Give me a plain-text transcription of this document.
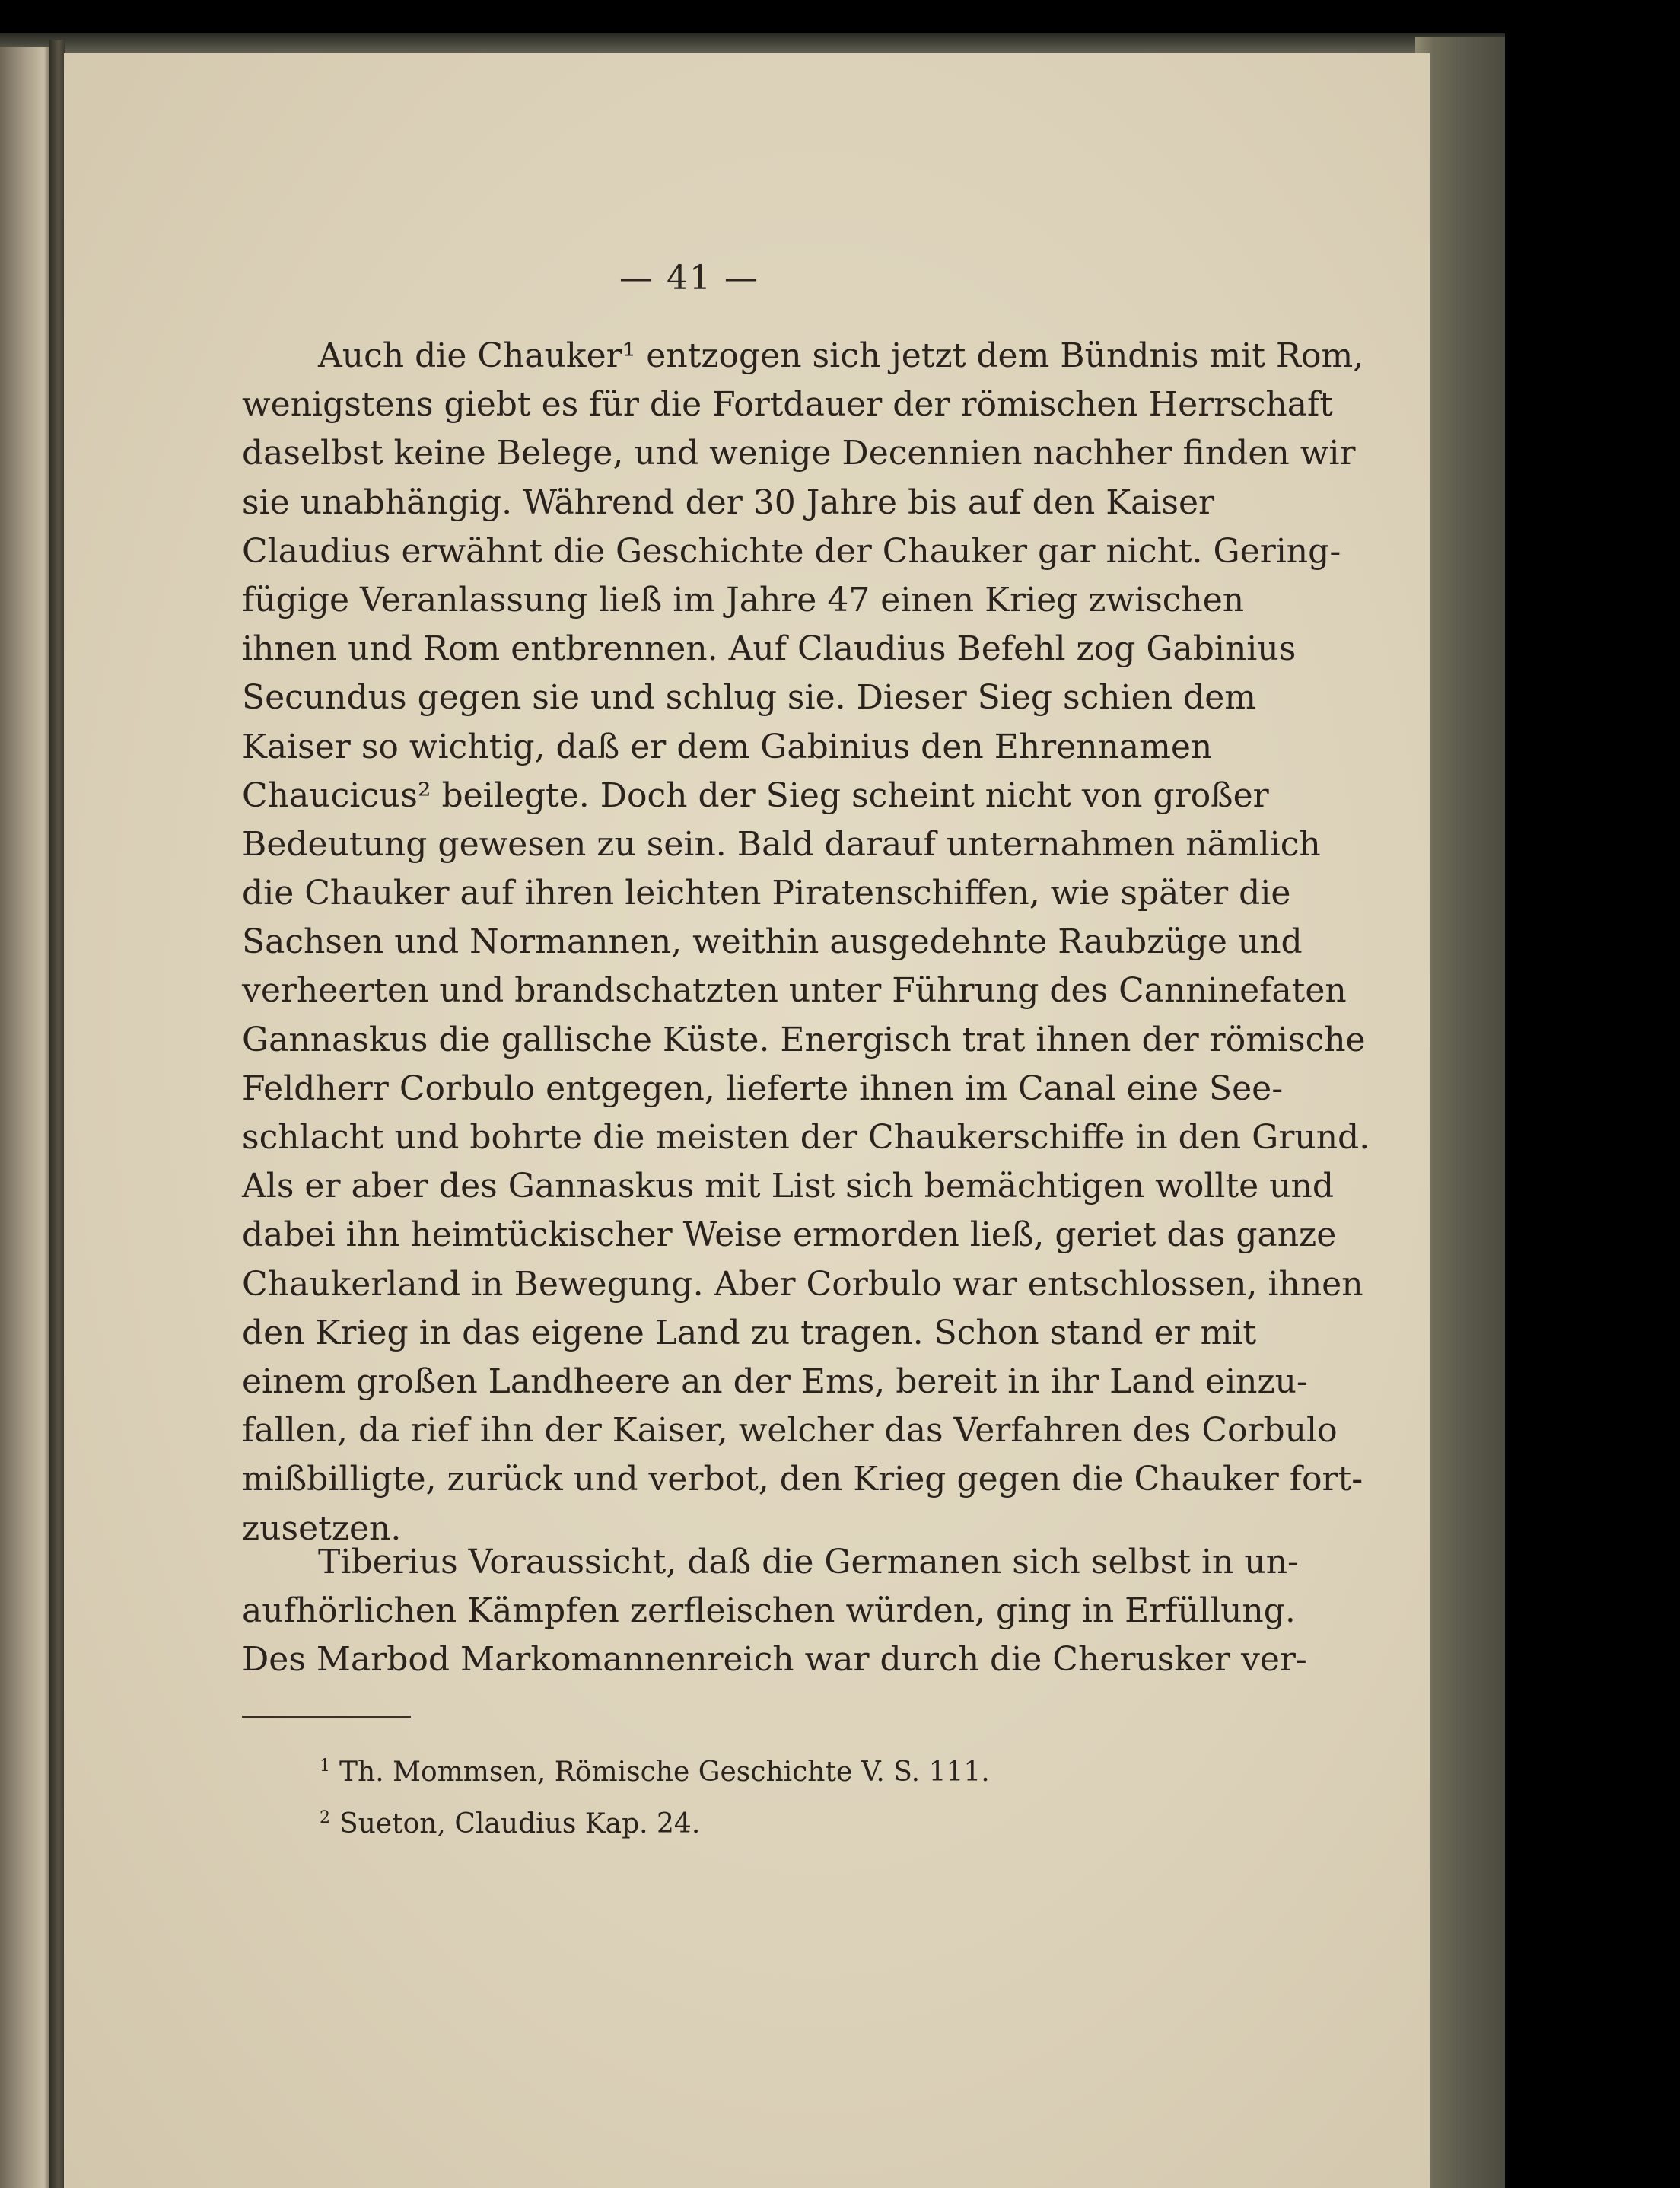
— 41 —
Auch die Chauker¹ entzogen sich jetzt dem Bündnis mit Rom,
wenigstens giebt es für die Fortdauer der römischen Herrschaft
daselbst keine Belege, und wenige Decennien nachher finden wir
sie unabhängig. Während der 30 Jahre bis auf den Kaiser
Claudius erwähnt die Geschichte der Chauker gar nicht. Gering-
fügige Veranlassung ließ im Jahre 47 einen Krieg zwischen
ihnen und Rom entbrennen. Auf Claudius Befehl zog Gabinius
Secundus gegen sie und schlug sie. Dieser Sieg schien dem
Kaiser so wichtig, daß er dem Gabinius den Ehrennamen
Chaucicus² beilegte. Doch der Sieg scheint nicht von großer
Bedeutung gewesen zu sein. Bald darauf unternahmen nämlich
die Chauker auf ihren leichten Piratenschiffen, wie später die
Sachsen und Normannen, weithin ausgedehnte Raubzüge und
verheerten und brandschatzten unter Führung des Canninefaten
Gannaskus die gallische Küste. Energisch trat ihnen der römische
Feldherr Corbulo entgegen, lieferte ihnen im Canal eine See-
schlacht und bohrte die meisten der Chaukerschiffe in den Grund.
Als er aber des Gannaskus mit List sich bemächtigen wollte und
dabei ihn heimtückischer Weise ermorden ließ, geriet das ganze
Chaukerland in Bewegung. Aber Corbulo war entschlossen, ihnen
den Krieg in das eigene Land zu tragen. Schon stand er mit
einem großen Landheere an der Ems, bereit in ihr Land einzu-
fallen, da rief ihn der Kaiser, welcher das Verfahren des Corbulo
mißbilligte, zurück und verbot, den Krieg gegen die Chauker fort-
zusetzen.
Tiberius Voraussicht, daß die Germanen sich selbst in un-
aufhörlichen Kämpfen zerfleischen würden, ging in Erfüllung.
Des Marbod Markomannenreich war durch die Cherusker ver-
$^1$ Th. Mommsen, Römische Geschichte V. S. 111.
$^2$ Sueton, Claudius Kap. 24.
